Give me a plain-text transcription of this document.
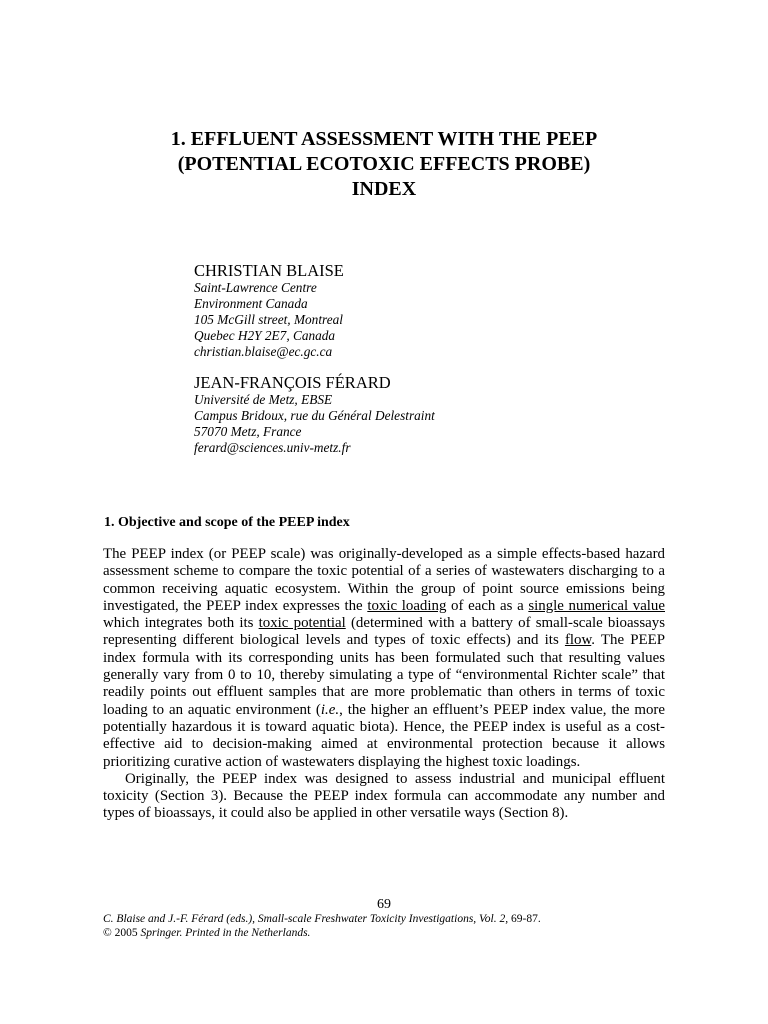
1. EFFLUENT ASSESSMENT WITH THE PEEP
(POTENTIAL ECOTOXIC EFFECTS PROBE)
INDEX
CHRISTIAN BLAISE
Saint-Lawrence Centre
Environment Canada
105 McGill street, Montreal
Quebec H2Y 2E7, Canada
christian.blaise@ec.gc.ca
JEAN-FRANÇOIS FÉRARD
Université de Metz, EBSE
Campus Bridoux, rue du Général Delestraint
57070 Metz, France
ferard@sciences.univ-metz.fr
1. Objective and scope of the PEEP index

The PEEP index (or PEEP scale) was originally-developed as a simple effects-based hazard assessment scheme to compare the toxic potential of a series of wastewaters discharging to a common receiving aquatic ecosystem. Within the group of point source emissions being investigated, the PEEP index expresses the toxic loading of each as a single numerical value which integrates both its toxic potential (determined with a battery of small-scale bioassays representing different biological levels and types of toxic effects) and its flow. The PEEP index formula with its corresponding units has been formulated such that resulting values generally vary from 0 to 10, thereby simulating a type of “environmental Richter scale” that readily points out effluent samples that are more problematic than others in terms of toxic loading to an aquatic environment (i.e., the higher an effluent’s PEEP index value, the more potentially hazardous it is toward aquatic biota). Hence, the PEEP index is useful as a cost-effective aid to decision-making aimed at environmental protection because it allows prioritizing curative action of wastewaters displaying the highest toxic loadings.

Originally, the PEEP index was designed to assess industrial and municipal effluent toxicity (Section 3). Because the PEEP index formula can accommodate any number and types of bioassays, it could also be applied in other versatile ways (Section 8).

69
C. Blaise and J.-F. Férard (eds.), Small-scale Freshwater Toxicity Investigations, Vol. 2, 69-87.
© 2005 Springer. Printed in the Netherlands.
